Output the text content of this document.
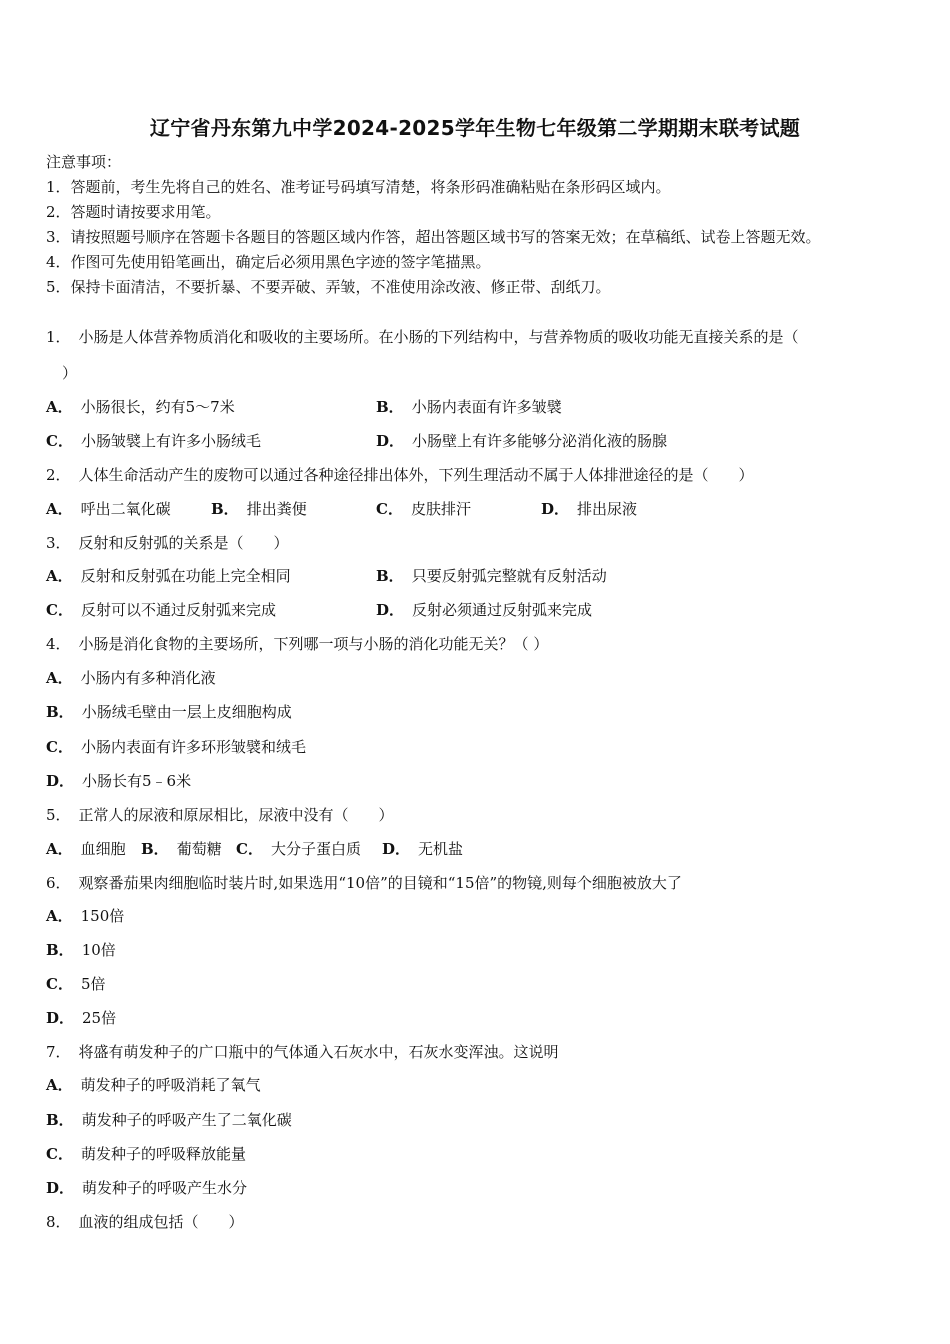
辽宁省丹东第九中学2024-2025学年生物七年级第二学期期末联考试题
注意事项：
1．答题前，考生先将自己的姓名、准考证号码填写清楚，将条形码准确粘贴在条形码区域内。
2．答题时请按要求用笔。
3．请按照题号顺序在答题卡各题目的答题区域内作答，超出答题区域书写的答案无效；在草稿纸、试卷上答题无效。
4．作图可先使用铅笔画出，确定后必须用黑色字迹的签字笔描黑。
5．保持卡面清洁，不要折暴、不要弄破、弄皱，不准使用涂改液、修正带、刮纸刀。
1． 小肠是人体营养物质消化和吸收的主要场所。在小肠的下列结构中，与营养物质的吸收功能无直接关系的是（
）
A． 小肠很长，约有5～7米	B． 小肠内表面有许多皱襞
C． 小肠皱襞上有许多小肠绒毛	D． 小肠壁上有许多能够分泌消化液的肠腺
2． 人体生命活动产生的废物可以通过各种途径排出体外，下列生理活动不属于人体排泄途径的是（　　）
A． 呼出二氧化碳	B． 排出粪便	C． 皮肤排汗	D． 排出尿液
3． 反射和反射弧的关系是（　　）
A． 反射和反射弧在功能上完全相同	B． 只要反射弧完整就有反射活动
C． 反射可以不通过反射弧来完成	D． 反射必须通过反射弧来完成
4． 小肠是消化食物的主要场所，下列哪一项与小肠的消化功能无关？（ ）
A． 小肠内有多种消化液
B． 小肠绒毛壁由一层上皮细胞构成
C． 小肠内表面有许多环形皱襞和绒毛
D． 小肠长有5﹣6米
5． 正常人的尿液和原尿相比，尿液中没有（　　）
A． 血细胞 B． 葡萄糖 C． 大分子蛋白质 D． 无机盐
6． 观察番茄果肉细胞临时装片时,如果选用“10倍”的目镜和“15倍”的物镜,则每个细胞被放大了
A． 150倍
B． 10倍
C． 5倍
D． 25倍
7． 将盛有萌发种子的广口瓶中的气体通入石灰水中，石灰水变浑浊。这说明
A． 萌发种子的呼吸消耗了氧气
B． 萌发种子的呼吸产生了二氧化碳
C． 萌发种子的呼吸释放能量
D． 萌发种子的呼吸产生水分
8． 血液的组成包括（　　）
